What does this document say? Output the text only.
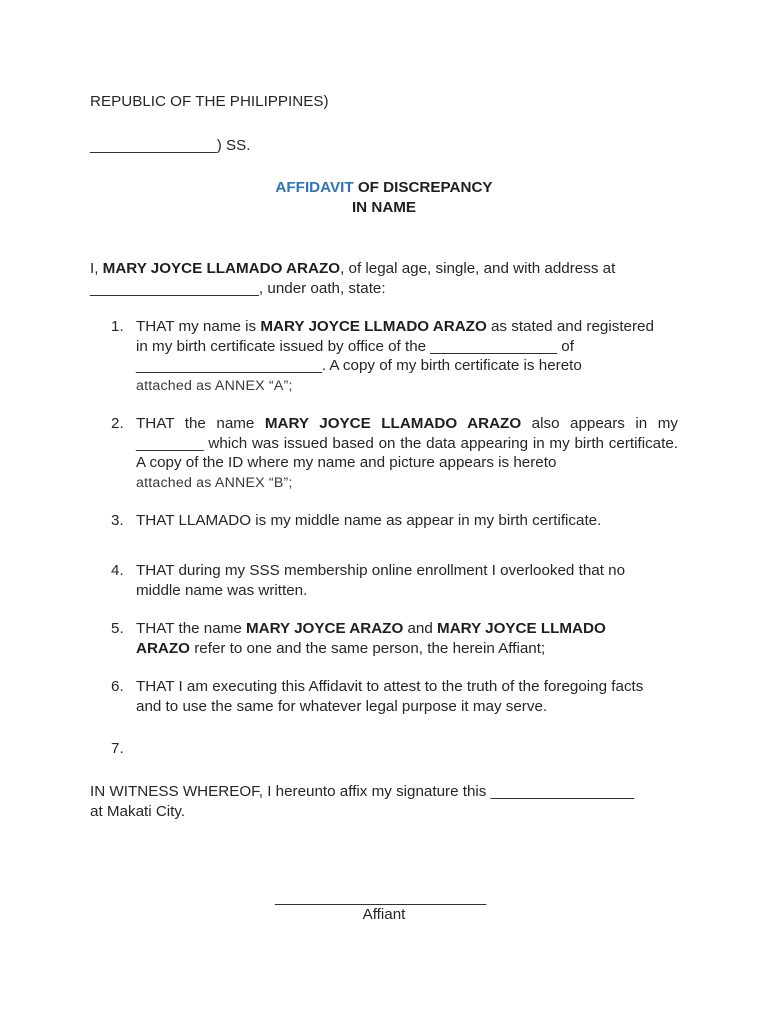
REPUBLIC OF THE PHILIPPINES)
_______________) SS.
AFFIDAVIT OF DISCREPANCY
IN NAME
I, MARY JOYCE LLAMADO ARAZO, of legal age, single, and with address at
____________________, under oath, state:
1. THAT my name is MARY JOYCE LLMADO ARAZO as stated and registered in my birth certificate issued by office of the _______________ of ______________________. A copy of my birth certificate is hereto
attached as ANNEX “A”;
2. THAT the name MARY JOYCE LLAMADO ARAZO also appears in my ________ which was issued based on the data appearing in my birth certificate. A copy of the ID where my name and picture appears is hereto
attached as ANNEX “B”;
3. THAT LLAMADO is my middle name as appear in my birth certificate.
4. THAT during my SSS membership online enrollment I overlooked that no middle name was written.
5. THAT the name MARY JOYCE ARAZO and MARY JOYCE LLMADO ARAZO refer to one and the same person, the herein Affiant;
6. THAT I am executing this Affidavit to attest to the truth of the foregoing facts and to use the same for whatever legal purpose it may serve.
7.
IN WITNESS WHEREOF, I hereunto affix my signature this _________________
at Makati City.
_________________________
Affiant
